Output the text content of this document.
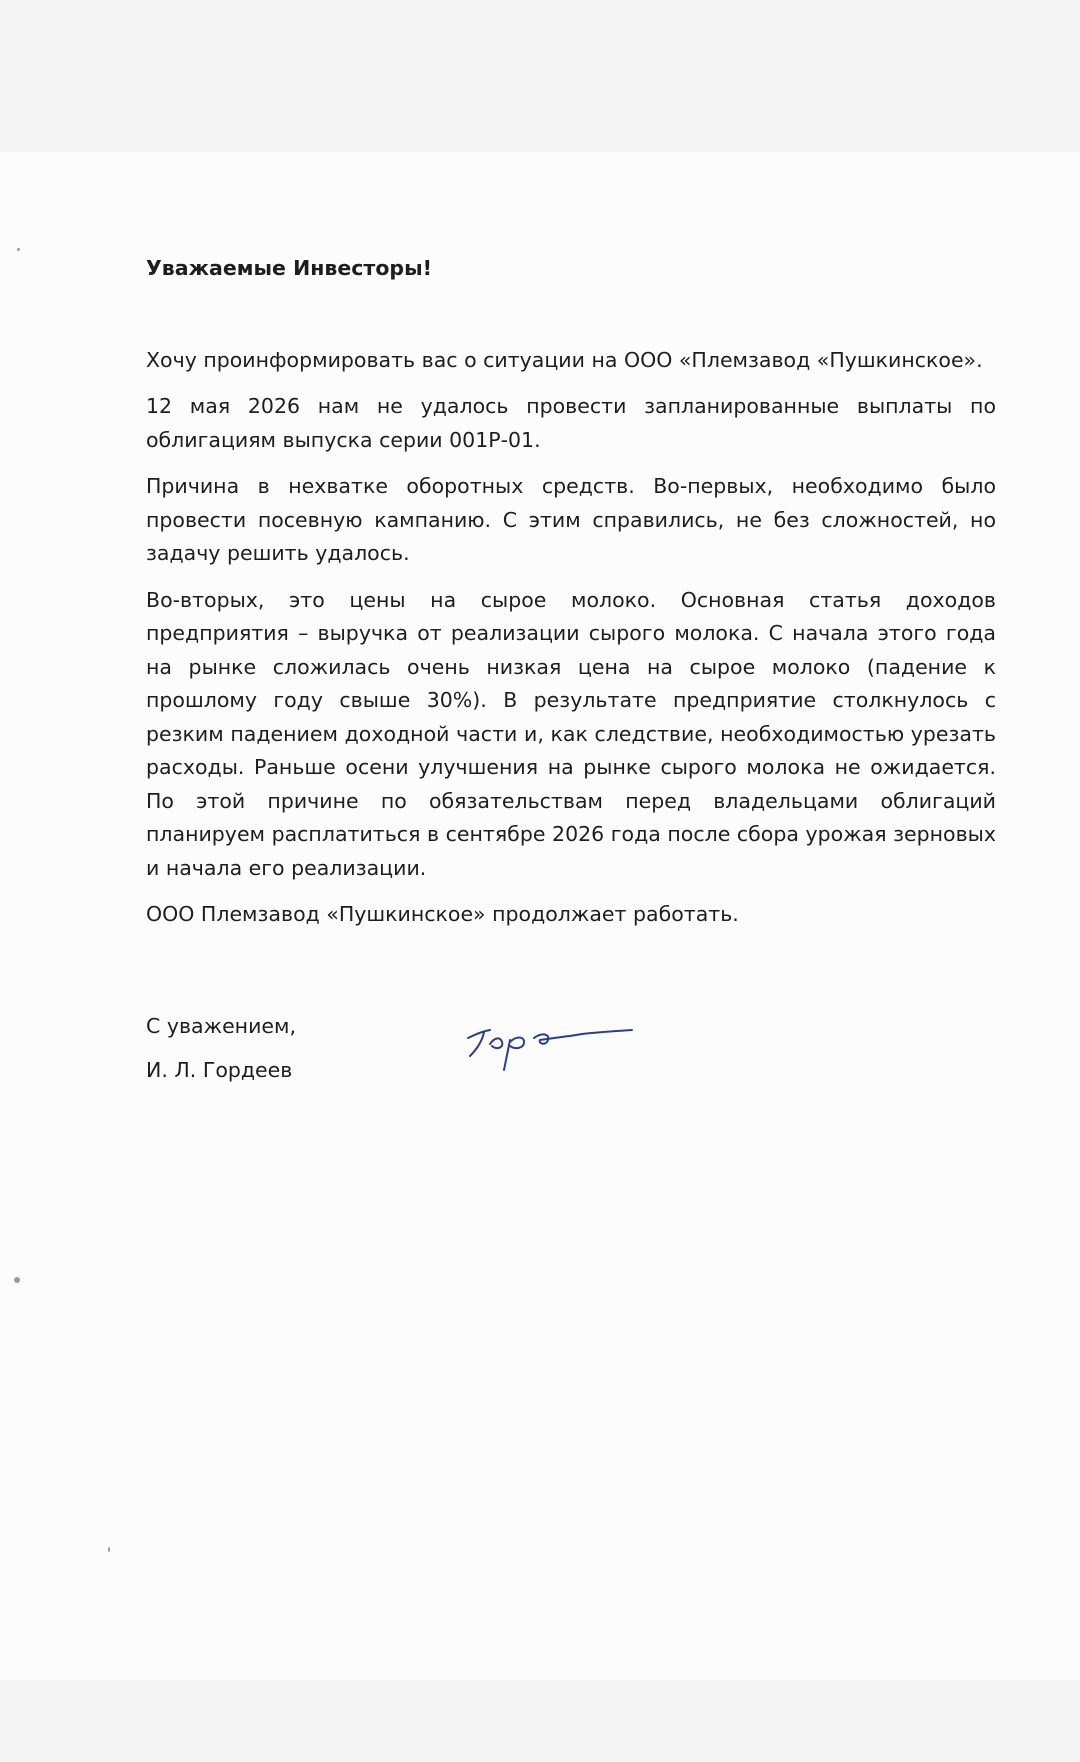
Уважаемые Инвесторы!

Хочу проинформировать вас о ситуации на ООО «Племзавод «Пушкинское».

12 мая 2026 нам не удалось провести запланированные выплаты по облигациям выпуска серии 001Р-01.

Причина в нехватке оборотных средств. Во-первых, необходимо было провести посевную кампанию. С этим справились, не без сложностей, но задачу решить удалось.

Во-вторых, это цены на сырое молоко. Основная статья доходов предприятия – выручка от реализации сырого молока. С начала этого года на рынке сложилась очень низкая цена на сырое молоко (падение к прошлому году свыше 30%). В результате предприятие столкнулось с резким падением доходной части и, как следствие, необходимостью урезать расходы. Раньше осени улучшения на рынке сырого молока не ожидается. По этой причине по обязательствам перед владельцами облигаций планируем расплатиться в сентябре 2026 года после сбора урожая зерновых и начала его реализации.

ООО Племзавод «Пушкинское» продолжает работать.

С уважением,

И. Л. Гордеев
